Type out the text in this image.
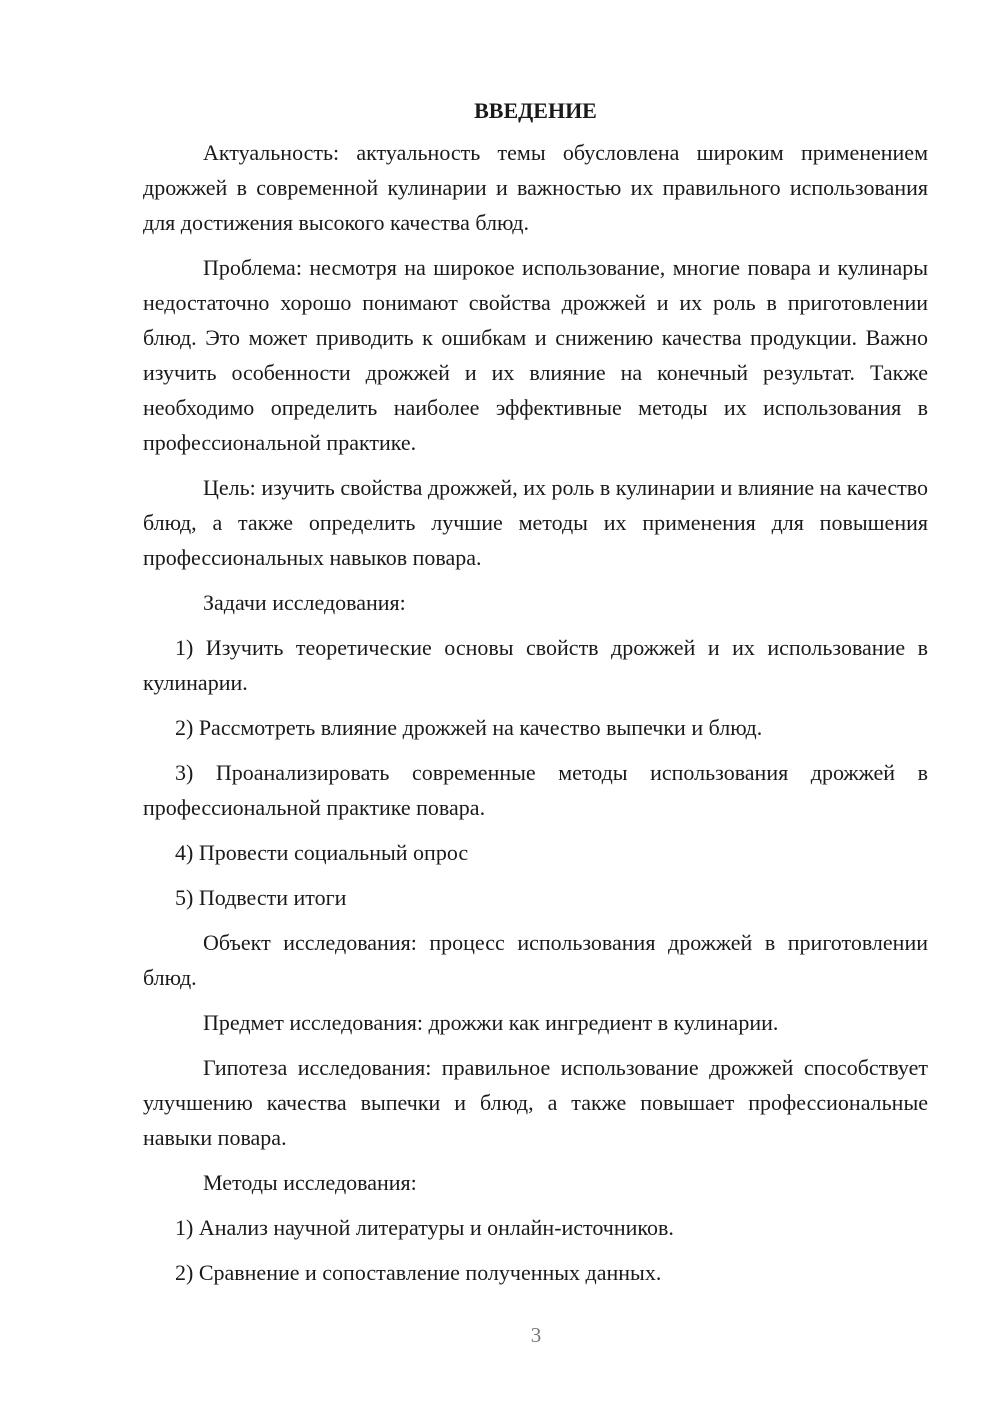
ВВЕДЕНИЕ

Актуальность: актуальность темы обусловлена широким применением дрожжей в современной кулинарии и важностью их правильного использования для достижения высокого качества блюд.

Проблема: несмотря на широкое использование, многие повара и кулинары недостаточно хорошо понимают свойства дрожжей и их роль в приготовлении блюд. Это может приводить к ошибкам и снижению качества продукции. Важно изучить особенности дрожжей и их влияние на конечный результат. Также необходимо определить наиболее эффективные методы их использования в профессиональной практике.

Цель: изучить свойства дрожжей, их роль в кулинарии и влияние на качество блюд, а также определить лучшие методы их применения для повышения профессиональных навыков повара.

Задачи исследования:

1) Изучить теоретические основы свойств дрожжей и их использование в кулинарии.

2) Рассмотреть влияние дрожжей на качество выпечки и блюд.

3) Проанализировать современные методы использования дрожжей в профессиональной практике повара.

4) Провести социальный опрос

5) Подвести итоги

Объект исследования: процесс использования дрожжей в приготовлении блюд.

Предмет исследования: дрожжи как ингредиент в кулинарии.

Гипотеза исследования: правильное использование дрожжей способствует улучшению качества выпечки и блюд, а также повышает профессиональные навыки повара.

Методы исследования:

1) Анализ научной литературы и онлайн-источников.

2) Сравнение и сопоставление полученных данных.

3
